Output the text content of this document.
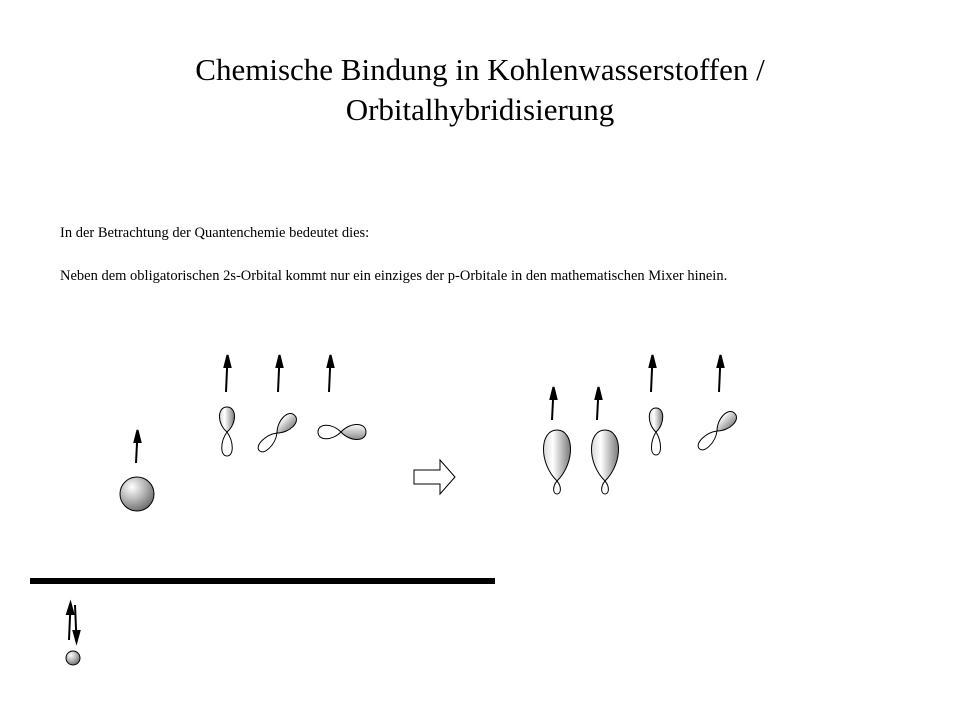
Chemische Bindung in Kohlenwasserstoffen /
Orbitalhybridisierung
In der Betrachtung der Quantenchemie bedeutet dies:
Neben dem obligatorischen 2s-Orbital kommt nur ein einziges der p-Orbitale in den mathematischen Mixer hinein.
